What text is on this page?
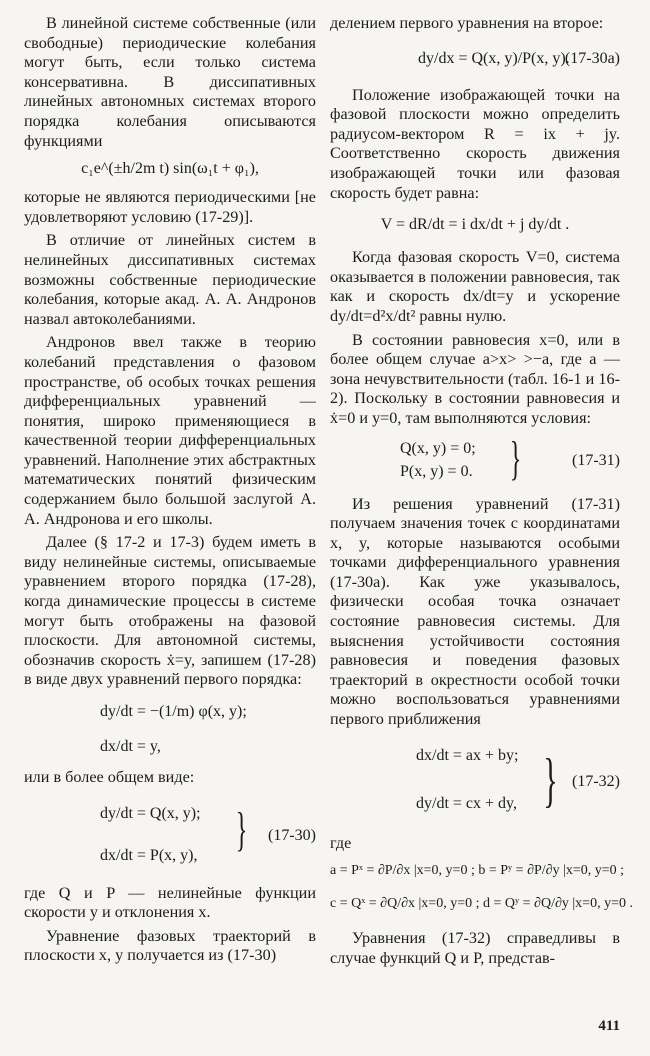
В линейной системе собственные (или свободные) периодические колебания могут быть, если только система консервативна. В диссипативных линейных автономных системах второго порядка колебания описываются функциями

c₁e^(±h/2m t) sin(ω₁t + φ₁),

которые не являются периодическими [не удовлетворяют условию (17-29)].

В отличие от линейных систем в нелинейных диссипативных системах возможны собственные периодические колебания, которые акад. А. А. Андронов назвал автоколебаниями.

Андронов ввел также в теорию колебаний представления о фазовом пространстве, об особых точках решения дифференциальных уравнений — понятия, широко применяющиеся в качественной теории дифференциальных уравнений. Наполнение этих абстрактных математических понятий физическим содержанием было большой заслугой А. А. Андронова и его школы.

Далее (§ 17-2 и 17-3) будем иметь в виду нелинейные системы, описываемые уравнением второго порядка (17-28), когда динамические процессы в системе могут быть отображены на фазовой плоскости. Для автономной системы, обозначив скорость ẋ=y, запишем (17-28) в виде двух уравнений первого порядка:

dy/dt = −(1/m) φ(x, y);
dx/dt = y,

или в более общем виде:

dy/dt = Q(x, y);
dx/dt = P(x, y), } (17-30)

где Q и P — нелинейные функции скорости y и отклонения x.

Уравнение фазовых траекторий в плоскости x, y получается из (17-30)

делением первого уравнения на второе:

dy/dx = Q(x, y)/P(x, y).
(17-30а)

Положение изображающей точки на фазовой плоскости можно определить радиусом-вектором R = ix + jy. Соответственно скорость движения изображающей точки или фазовая скорость будет равна:

V = dR/dt = i dx/dt + j dy/dt .

Когда фазовая скорость V=0, система оказывается в положении равновесия, так как и скорость dx/dt=y и ускорение dy/dt=d²x/dt² равны нулю.

В состоянии равновесия x=0, или в более общем случае a>x> >−a, где a — зона нечувствительности (табл. 16-1 и 16-2). Поскольку в состоянии равновесия и ẋ=0 и y=0, там выполняются условия:

Q(x, y) = 0;
P(x, y) = 0. }	(17-31)

Из решения уравнений (17-31) получаем значения точек с координатами x, y, которые называются особыми точками дифференциального уравнения (17-30а). Как уже указывалось, физически особая точка означает состояние равновесия системы. Для выяснения устойчивости состояния равновесия и поведения фазовых траекторий в окрестности особой точки можно воспользоваться уравнениями первого приближения

dx/dt = ax + by;
dy/dt = cx + dy, } (17-32)

где

a = Pˣ = ∂P/∂x |x=0, y=0 ; b = Pʸ = ∂P/∂y |x=0, y=0 ;
c = Qˣ = ∂Q/∂x |x=0, y=0 ; d = Qʸ = ∂Q/∂y |x=0, y=0 .

Уравнения (17-32) справедливы в случае функций Q и P, представ-

411
